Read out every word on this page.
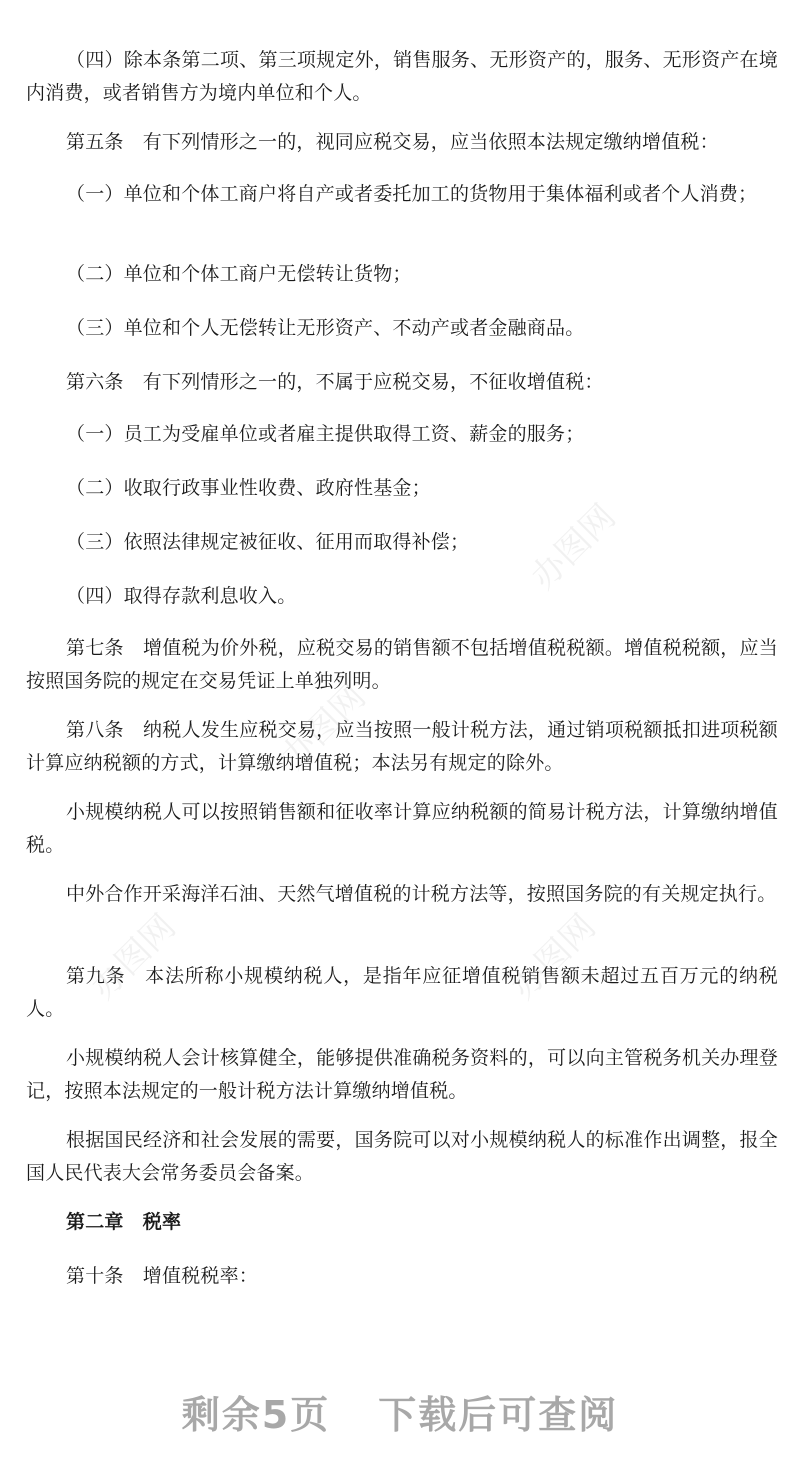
（四）除本条第二项、第三项规定外，销售服务、无形资产的，服务、无形资产在境内消费，或者销售方为境内单位和个人。

第五条　有下列情形之一的，视同应税交易，应当依照本法规定缴纳增值税：

（一）单位和个体工商户将自产或者委托加工的货物用于集体福利或者个人消费；

（二）单位和个体工商户无偿转让货物；

（三）单位和个人无偿转让无形资产、不动产或者金融商品。

第六条　有下列情形之一的，不属于应税交易，不征收增值税：

（一）员工为受雇单位或者雇主提供取得工资、薪金的服务；

（二）收取行政事业性收费、政府性基金；

（三）依照法律规定被征收、征用而取得补偿；

（四）取得存款利息收入。

第七条　增值税为价外税，应税交易的销售额不包括增值税税额。增值税税额，应当按照国务院的规定在交易凭证上单独列明。

第八条　纳税人发生应税交易，应当按照一般计税方法，通过销项税额抵扣进项税额计算应纳税额的方式，计算缴纳增值税；本法另有规定的除外。

小规模纳税人可以按照销售额和征收率计算应纳税额的简易计税方法，计算缴纳增值税。

中外合作开采海洋石油、天然气增值税的计税方法等，按照国务院的有关规定执行。

第九条　本法所称小规模纳税人，是指年应征增值税销售额未超过五百万元的纳税人。

小规模纳税人会计核算健全，能够提供准确税务资料的，可以向主管税务机关办理登记，按照本法规定的一般计税方法计算缴纳增值税。

根据国民经济和社会发展的需要，国务院可以对小规模纳税人的标准作出调整，报全国人民代表大会常务委员会备案。

第二章　税率

第十条　增值税税率：

办图网
办图网
办图网	办图网
剩余5页 下载后可查阅
